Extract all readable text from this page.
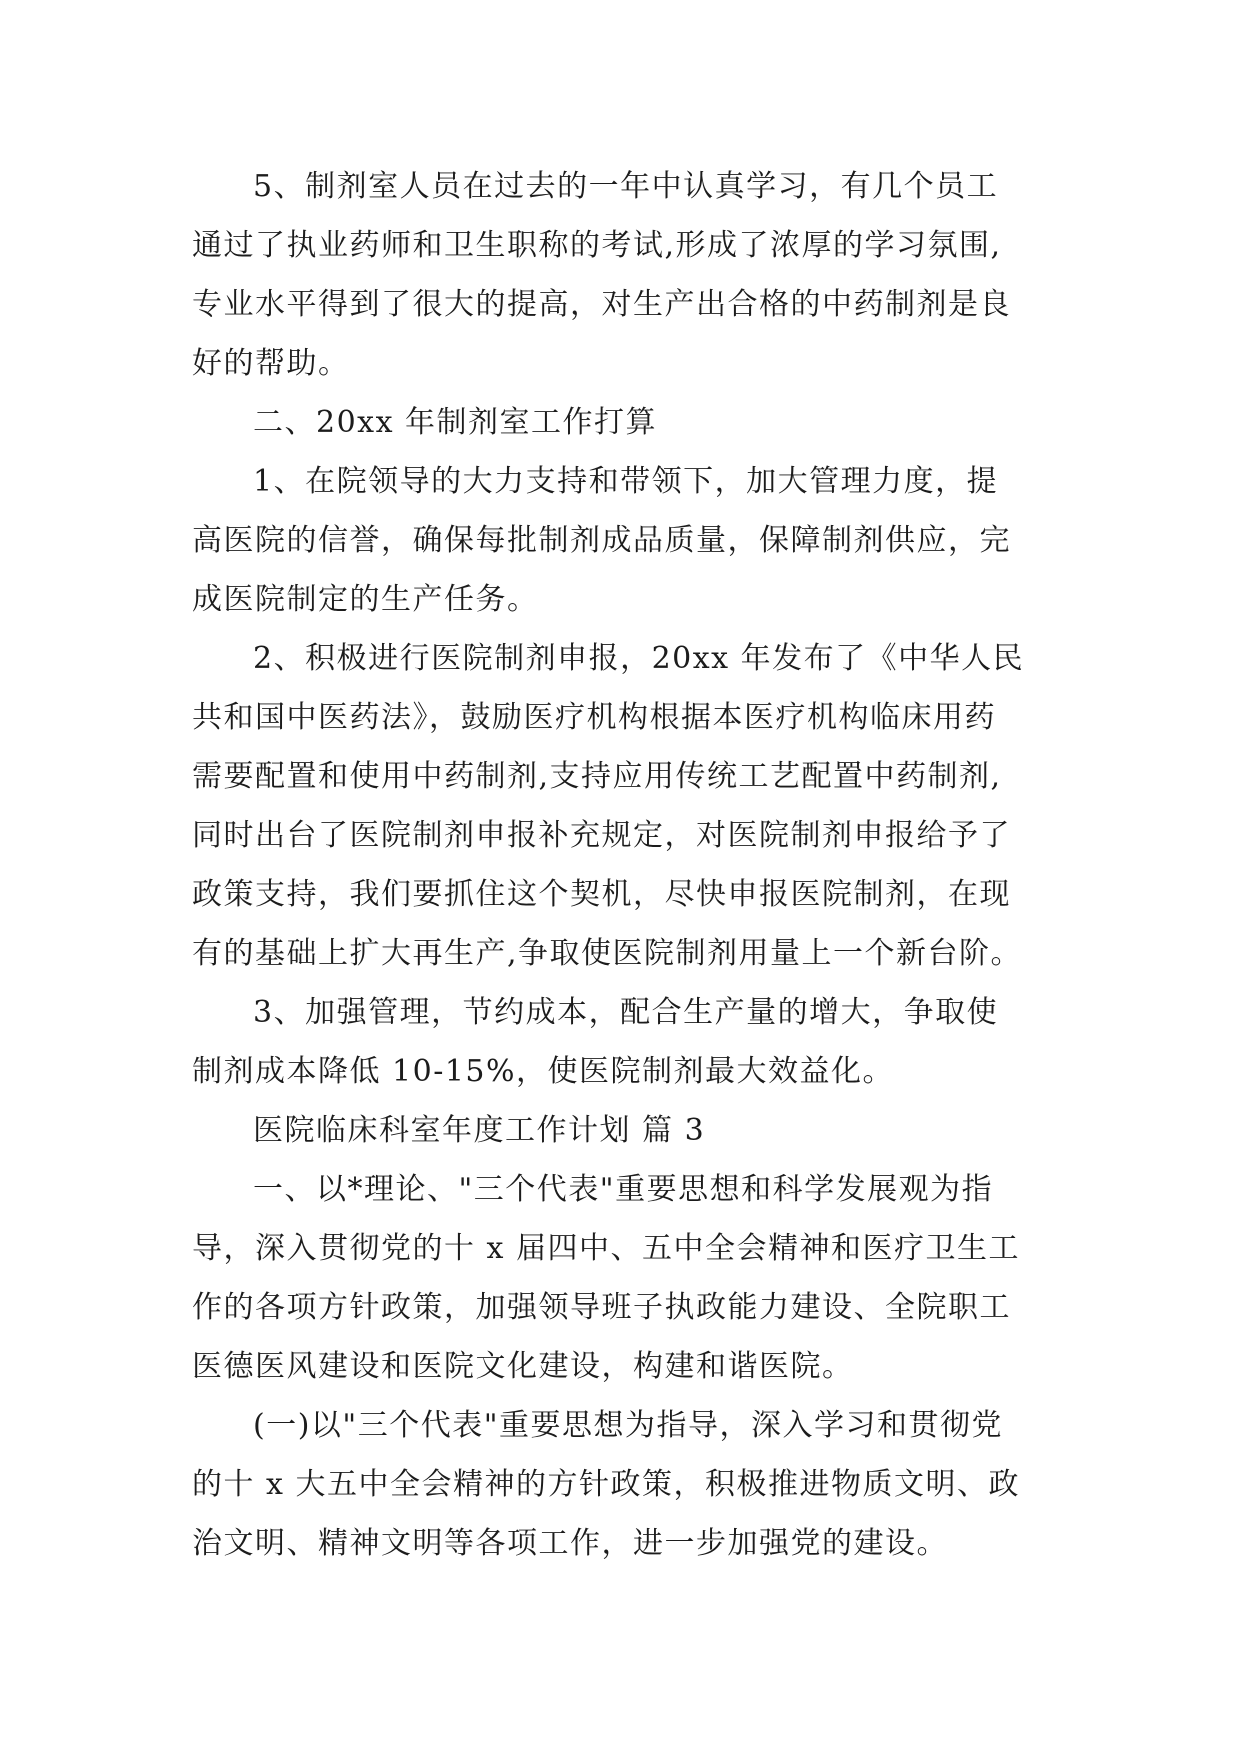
5、制剂室人员在过去的一年中认真学习，有几个员工
通过了执业药师和卫生职称的考试,形成了浓厚的学习氛围,
专业水平得到了很大的提高，对生产出合格的中药制剂是良
好的帮助。
二、20xx 年制剂室工作打算
1、在院领导的大力支持和带领下，加大管理力度，提
高医院的信誉，确保每批制剂成品质量，保障制剂供应，完
成医院制定的生产任务。
2、积极进行医院制剂申报，20xx 年发布了《中华人民
共和国中医药法》，鼓励医疗机构根据本医疗机构临床用药
需要配置和使用中药制剂,支持应用传统工艺配置中药制剂,
同时出台了医院制剂申报补充规定，对医院制剂申报给予了
政策支持，我们要抓住这个契机，尽快申报医院制剂，在现
有的基础上扩大再生产,争取使医院制剂用量上一个新台阶。
3、加强管理，节约成本，配合生产量的增大，争取使
制剂成本降低 10-15%，使医院制剂最大效益化。
医院临床科室年度工作计划 篇 3
一、以*理论、"三个代表"重要思想和科学发展观为指
导，深入贯彻党的十 x 届四中、五中全会精神和医疗卫生工
作的各项方针政策，加强领导班子执政能力建设、全院职工
医德医风建设和医院文化建设，构建和谐医院。
(一)以"三个代表"重要思想为指导，深入学习和贯彻党
的十 x 大五中全会精神的方针政策，积极推进物质文明、政
治文明、精神文明等各项工作，进一步加强党的建设。
